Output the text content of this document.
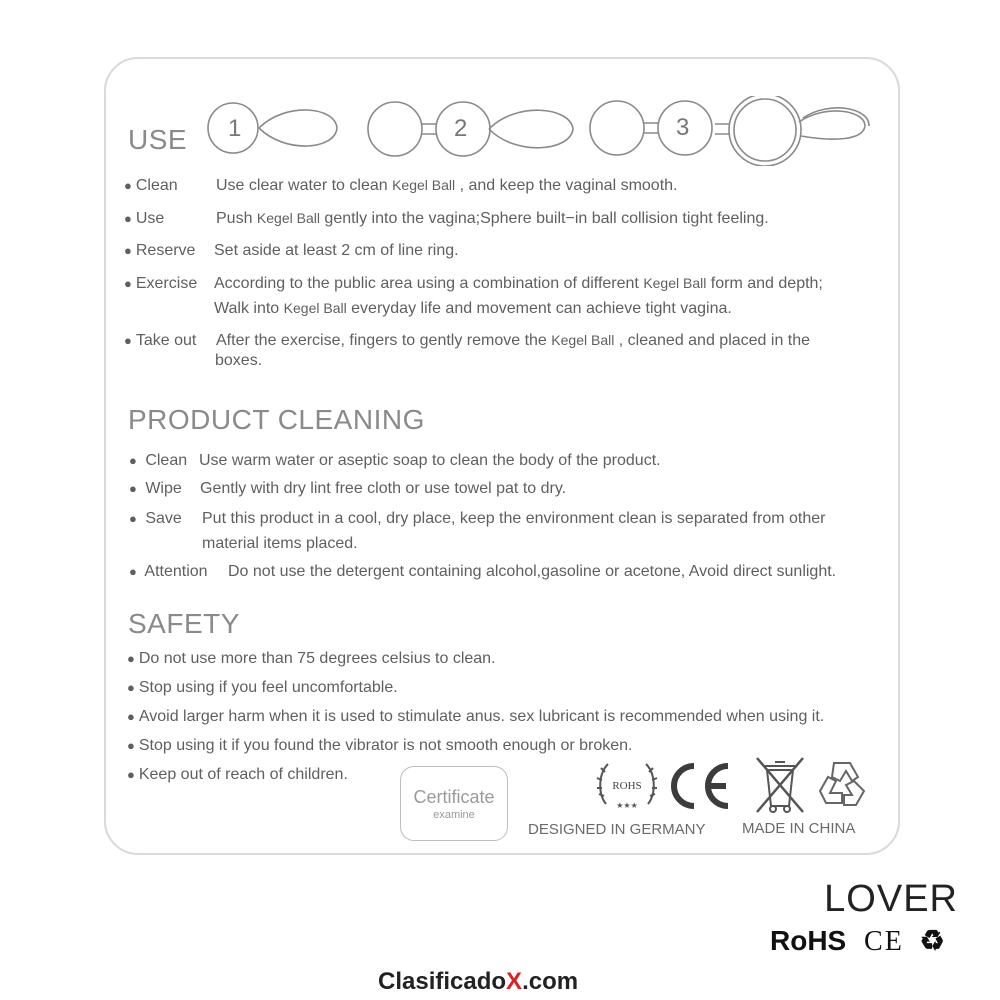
USE 1	2	3
● Clean Use clear water to clean Kegel Ball , and keep the vaginal smooth.
● Use	Push Kegel Ball gently into the vagina;Sphere built−in ball collision tight feeling.
● Reserve Set aside at least 2 cm of line ring.
● Exercise According to the public area using a combination of different Kegel Ball form and depth;
Walk into Kegel Ball everyday life and movement can achieve tight vagina.
● Take out After the exercise, fingers to gently remove the Kegel Ball , cleaned and placed in the
boxes.
PRODUCT CLEANING
● Clean Use warm water or aseptic soap to clean the body of the product.
● Wipe Gently with dry lint free cloth or use towel pat to dry.
● Save Put this product in a cool, dry place, keep the environment clean is separated from other
material items placed.
● Attention Do not use the detergent containing alcohol,gasoline or acetone, Avoid direct sunlight.
SAFETY
● Do not use more than 75 degrees celsius to clean.
● Stop using if you feel uncomfortable.
● Avoid larger harm when it is used to stimulate anus. sex lubricant is recommended when using it.
● Stop using it if you found the vibrator is not smooth enough or broken.
● Keep out of reach of children.
Certificate
examine
ROHS
★★★
DESIGNED IN GERMANY MADE IN CHINA
LOVER
RoHS CE ♻
ClasificadoX.com
